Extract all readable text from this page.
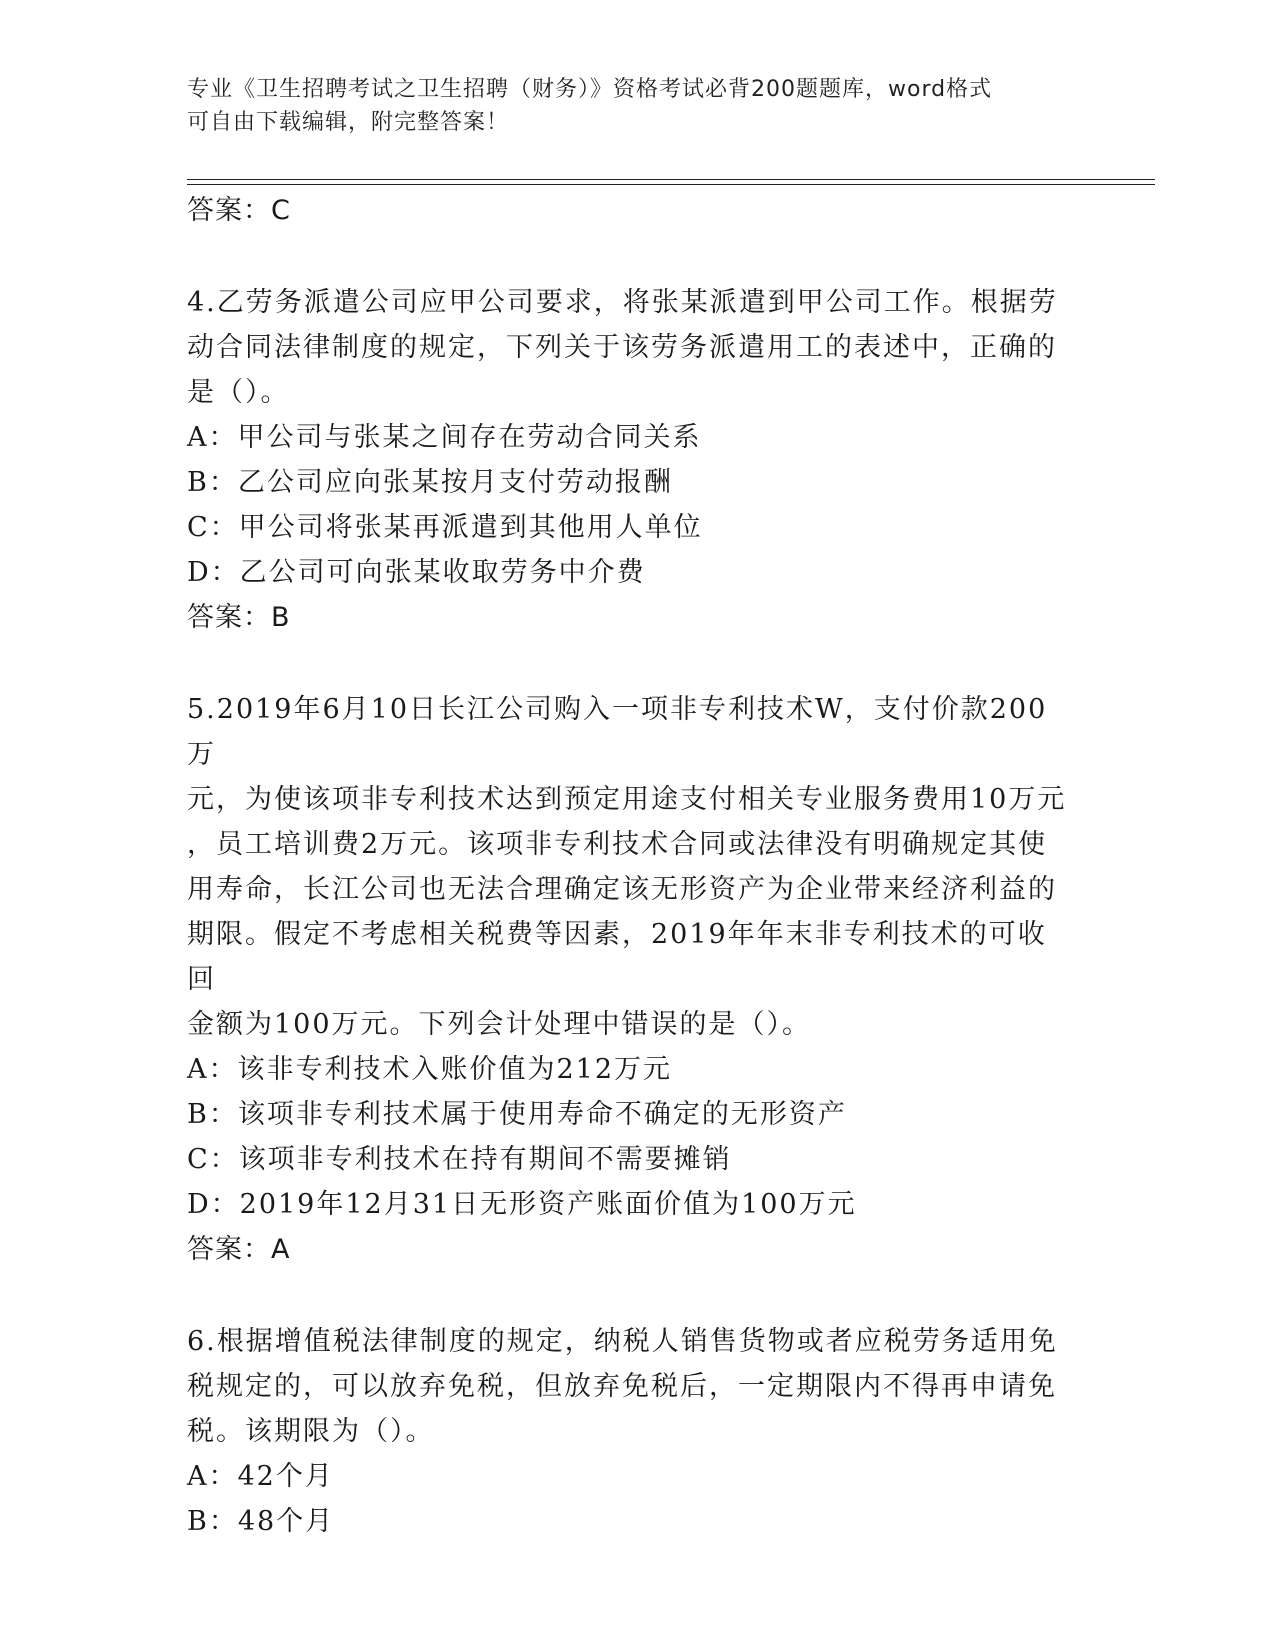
专业《卫生招聘考试之卫生招聘（财务）》资格考试必背200题题库，word格式
可自由下载编辑，附完整答案！

答案：C

4.乙劳务派遣公司应甲公司要求，将张某派遣到甲公司工作。根据劳

动合同法律制度的规定，下列关于该劳务派遣用工的表述中，正确的

是（）。

A：甲公司与张某之间存在劳动合同关系

B：乙公司应向张某按月支付劳动报酬

C：甲公司将张某再派遣到其他用人单位

D：乙公司可向张某收取劳务中介费

答案：B

5.2019年6月10日长江公司购入一项非专利技术W，支付价款200万

元，为使该项非专利技术达到预定用途支付相关专业服务费用10万元

，员工培训费2万元。该项非专利技术合同或法律没有明确规定其使

用寿命，长江公司也无法合理确定该无形资产为企业带来经济利益的

期限。假定不考虑相关税费等因素，2019年年末非专利技术的可收回

金额为100万元。下列会计处理中错误的是（）。

A：该非专利技术入账价值为212万元

B：该项非专利技术属于使用寿命不确定的无形资产

C：该项非专利技术在持有期间不需要摊销

D：2019年12月31日无形资产账面价值为100万元

答案：A

6.根据增值税法律制度的规定，纳税人销售货物或者应税劳务适用免

税规定的，可以放弃免税，但放弃免税后，一定期限内不得再申请免

税。该期限为（）。

A：42个月

B：48个月
